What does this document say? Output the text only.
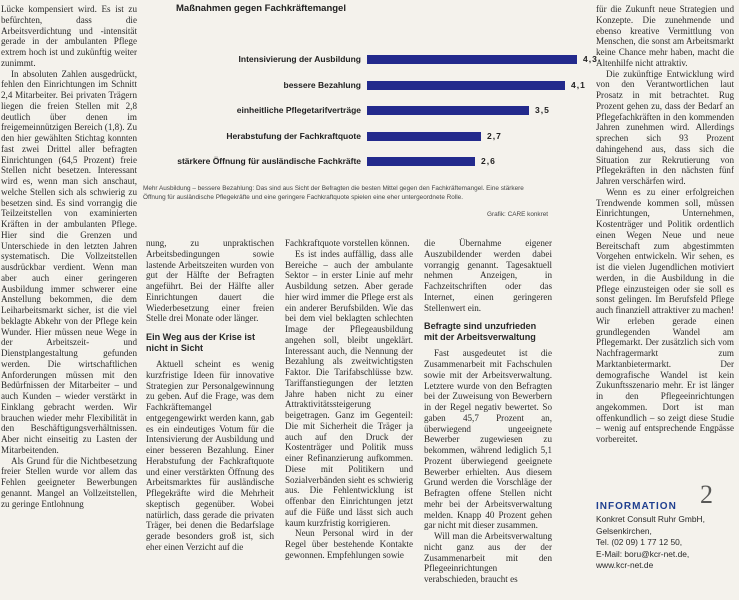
Lücke kompensiert wird. Es ist zu befürchten, dass die Arbeitsverdichtung und -intensität gerade in der ambulanten Pflege extrem hoch ist und zukünftig weiter zunimmt.

In absoluten Zahlen ausgedrückt, fehlen den Einrichtungen im Schnitt 2,4 Mitarbeiter. Bei privaten Trägern liegen die freien Stellen mit 2,8 deutlich über denen im freigemeinnützigen Bereich (1,8). Zu den hier gewählten Stichtag konnten fast zwei Drittel aller befragten Einrichtungen (64,5 Prozent) freie Stellen nicht besetzen. Interessant wird es, wenn man sich anschaut, welche Stellen sich als schwierig zu besetzen sind. Es sind vorrangig die Teilzeitstellen von examinierten Kräften in der ambulanten Pflege. Hier sind die Grenzen und Unterschiede in den letzten Jahren systematisch. Die Vollzeitstellen ausdrückbar verdient. Wenn man aber auch einer geringeren Ausbildung immer schwerer eine Anstellung bekommen, die dem Leiharbeitsmarkt sicher, ist die viel beklagte Abkehr von der Pflege kein Wunder. Hier müssen neue Wege in der Arbeitszeit- und Dienstplangestaltung gefunden werden. Die wirtschaftlichen Anforderungen müssen mit den Bedürfnissen der Mitarbeiter – und auch Kunden – wieder verstärkt in Einklang gebracht werden. Wir brauchen wieder mehr Flexibilität in den Beschäftigungsverhältnissen. Aber nicht einseitig zu Lasten der Mitarbeitenden.

Als Grund für die Nichtbesetzung freier Stellen wurde vor allem das Fehlen geeigneter Bewerbungen genannt. Mangel an Vollzeitstellen, zu geringe Entlohnung

Maßnahmen gegen Fachkräftemangel
Intensivierung der Ausbildung	4,3
bessere Bezahlung	4,1
einheitliche Pflegetarifverträge	3,5
Herabstufung der Fachkraftquote	2,7
stärkere Öffnung für ausländische Fachkräfte	2,6
Mehr Ausbildung – bessere Bezahlung: Das sind aus Sicht der Befragten die besten Mittel gegen den Fachkräftemangel. Eine stärkere Öffnung für ausländische Pflegekräfte und eine geringere Fachkraftquote spielen eine eher untergeordnete Rolle.
Grafik: CARE konkret

nung, zu unpraktischen Arbeitsbedingungen sowie lastende Arbeitszeiten wurden von gut der Hälfte der Befragten angeführt. Bei der Hälfte aller Einrichtungen dauert die Wiederbesetzung einer freien Stelle drei Monate oder länger.

Ein Weg aus der Krise ist nicht in Sicht

Aktuell scheint es wenig kurzfristige Ideen für innovative Strategien zur Personalgewinnung zu geben. Auf die Frage, was dem Fachkräftemangel entgegengewirkt werden kann, gab es ein eindeutiges Votum für die Intensivierung der Ausbildung und einer besseren Bezahlung. Einer Herabstufung der Fachkraftquote und einer verstärkten Öffnung des Arbeitsmarktes für ausländische Pflegekräfte wird die Mehrheit skeptisch gegenüber. Wobei natürlich, dass gerade die privaten Träger, bei denen die Bedarfslage gerade besonders groß ist, sich eher einen Verzicht auf die

Fachkraftquote vorstellen können.

Es ist indes auffällig, dass alle Bereiche – auch der ambulante Sektor – in erster Linie auf mehr Ausbildung setzen. Aber gerade hier wird immer die Pflege erst als ein anderer Berufsbilden. Wie das bei dem viel beklagten schlechten Image der Pflegeausbildung angehen soll, bleibt ungeklärt. Interessant auch, die Nennung der Bezahlung als zweitwichtigsten Faktor. Die Tarifabschlüsse bzw. Tariffanstiegungen der letzten Jahre haben nicht zu einer Attraktivitätssteigerung beigetragen. Ganz im Gegenteil: Die mit Sicherheit die Träger ja auch auf den Druck der Kostenträger und Politik muss einer Refinanzierung aufkommen. Diese mit Politikern und Sozialverbänden sieht es schwierig aus. Die Fehlentwicklung ist offenbar den Einrichtungen jetzt auf die Füße und lässt sich auch kaum kurzfristig korrigieren.

Neun Personal wird in der Regel über bestehende Kontakte gewonnen. Empfehlungen sowie

die Übernahme eigener Auszubildender werden dabei vorrangig genannt. Tagesaktuell nehmen Anzeigen, in Fachzeitschriften oder das Internet, einen geringeren Stellenwert ein.

Befragte sind unzufrieden mit der Arbeitsverwaltung

Fast ausgedeutet ist die Zusammenarbeit mit Fachschulen sowie mit der Arbeitsverwaltung. Letztere wurde von den Befragten bei der Zuweisung von Bewerbern in der Regel negativ bewertet. So gaben 45,7 Prozent an, überwiegend ungeeignete Bewerber zugewiesen zu bekommen, während lediglich 5,1 Prozent überwiegend geeignete Bewerber erhielten. Aus diesem Grund werden die Vorschläge der Befragten offene Stellen nicht mehr bei der Arbeitsverwaltung melden. Knapp 40 Prozent gehen gar nicht mit dieser zusammen.

Will man die Arbeitsverwaltung nicht ganz aus der der Zusammenarbeit mit den Pflegeeinrichtungen verabschieden, braucht es

für die Zukunft neue Strategien und Konzepte. Die zunehmende und ebenso kreative Vermittlung von Menschen, die sonst am Arbeitsmarkt keine Chance mehr haben, macht die Altenhilfe nicht attraktiv.

Die zukünftige Entwicklung wird von den Verantwortlichen laut Prosatz in mit betrachtet. Rug Prozent gehen zu, dass der Bedarf an Pflegefachkräften in den kommenden Jahren zunehmen wird. Allerdings sprechen sich 93 Prozent dahingehend aus, dass sich die Situation zur Rekrutierung von Pflegekräften in den nächsten fünf Jahren verschärfen wird.

Wenn es zu einer erfolgreichen Trendwende kommen soll, müssen Einrichtungen, Unternehmen, Kostenträger und Politik ordentlich einen Wegen Neue und neue Bereitschaft zum abgestimmten Vorgehen entwickeln. Wir sehen, es ist die vielen Jugendlichen motiviert werden, in die Ausbildung in die Pflege einzusteigen oder sie soll es sonst gelingen. Im Berufsfeld Pflege auch finanziell attraktiver zu machen! Wir erleben gerade einen grundlegenden Wandel am Pflegemarkt. Der zusätzlich sich vom Nachfragermarkt zum Marktanbietermarkt. Der demografische Wandel ist kein Zukunftsszenario mehr. Er ist länger in den Pflegeeinrichtungen angekommen. Dort ist man offenkundlich – so zeigt diese Studie – wenig auf entsprechende Engpässe vorbereitet.

INFORMATION
Konkret Consult Ruhr GmbH,
Gelsenkirchen,
Tel. (02 09) 1 77 12 50,
E-Mail: boru@kcr-net.de,
www.kcr-net.de
2
